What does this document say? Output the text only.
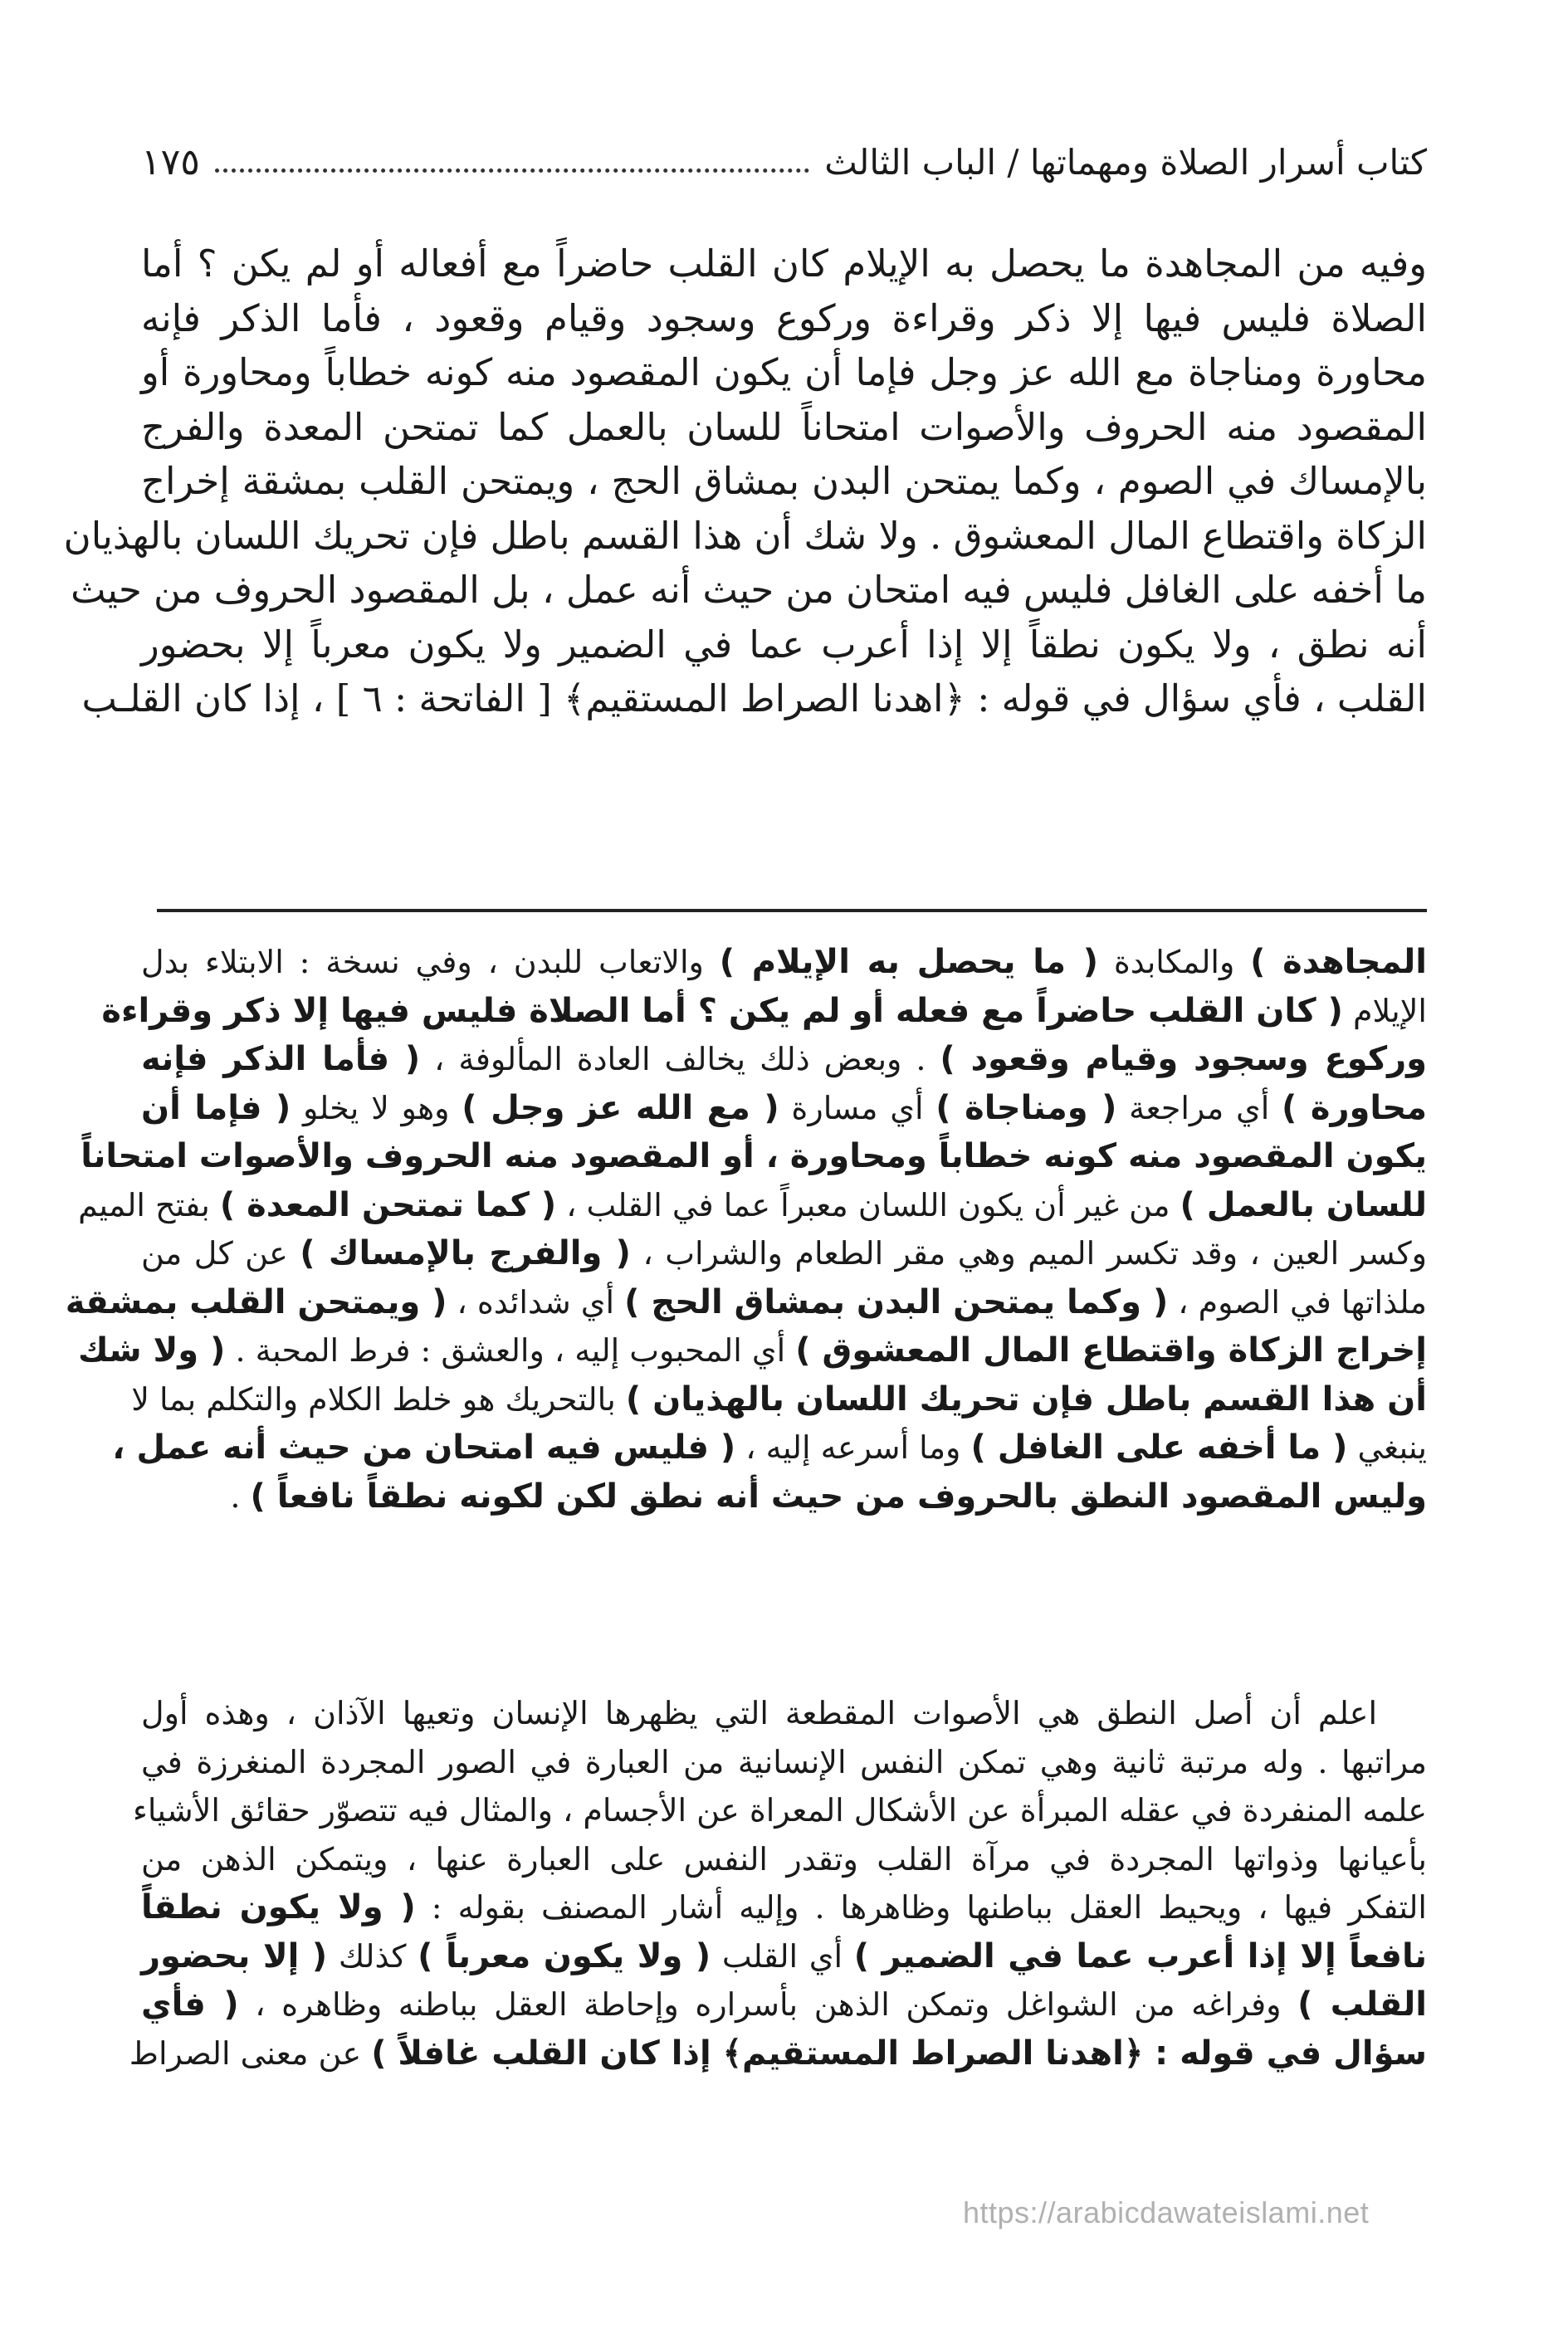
كتاب أسرار الصلاة ومهماتها / الباب الثالث
١٧٥
وفيه من المجاهدة ما يحصل به الإيلام كان القلب حاضراً مع أفعاله أو لم يكن ؟ أما
الصلاة فليس فيها إلا ذكر وقراءة وركوع وسجود وقيام وقعود ، فأما الذكر فإنه
محاورة ومناجاة مع الله عز وجل فإما أن يكون المقصود منه كونه خطاباً ومحاورة أو
المقصود منه الحروف والأصوات امتحاناً للسان بالعمل كما تمتحن المعدة والفرج
بالإمساك في الصوم ، وكما يمتحن البدن بمشاق الحج ، ويمتحن القلب بمشقة إخراج
الزكاة واقتطاع المال المعشوق . ولا شك أن هذا القسم باطل فإن تحريك اللسان بالهذيان
ما أخفه على الغافل فليس فيه امتحان من حيث أنه عمل ، بل المقصود الحروف من حيث
أنه نطق ، ولا يكون نطقاً إلا إذا أعرب عما في الضمير ولا يكون معرباً إلا بحضور
القلب ، فأي سؤال في قوله : ﴿اهدنا الصراط المستقيم﴾ [ الفاتحة : ٦ ] ، إذا كان القلـب
المجاهدة ) والمكابدة ( ما يحصل به الإيلام ) والاتعاب للبدن ، وفي نسخة : الابتلاء بدل
الإيلام ( كان القلب حاضراً مع فعله أو لم يكن ؟ أما الصلاة فليس فيها إلا ذكر وقراءة
وركوع وسجود وقيام وقعود ) . وبعض ذلك يخالف العادة المألوفة ، ( فأما الذكر فإنه
محاورة ) أي مراجعة ( ومناجاة ) أي مسارة ( مع الله عز وجل ) وهو لا يخلو ( فإما أن
يكون المقصود منه كونه خطاباً ومحاورة ، أو المقصود منه الحروف والأصوات امتحاناً
للسان بالعمل ) من غير أن يكون اللسان معبراً عما في القلب ، ( كما تمتحن المعدة ) بفتح الميم
وكسر العين ، وقد تكسر الميم وهي مقر الطعام والشراب ، ( والفرج بالإمساك ) عن كل من
ملذاتها في الصوم ، ( وكما يمتحن البدن بمشاق الحج ) أي شدائده ، ( ويمتحن القلب بمشقة
إخراج الزكاة واقتطاع المال المعشوق ) أي المحبوب إليه ، والعشق : فرط المحبة . ( ولا شك
أن هذا القسم باطل فإن تحريك اللسان بالهذيان ) بالتحريك هو خلط الكلام والتكلم بما لا
ينبغي ( ما أخفه على الغافل ) وما أسرعه إليه ، ( فليس فيه امتحان من حيث أنه عمل ،
وليس المقصود النطق بالحروف من حيث أنه نطق لكن لكونه نطقاً نافعاً ) .
اعلم أن أصل النطق هي الأصوات المقطعة التي يظهرها الإنسان وتعيها الآذان ، وهذه أول
مراتبها . وله مرتبة ثانية وهي تمكن النفس الإنسانية من العبارة في الصور المجردة المنغرزة في
علمه المنفردة في عقله المبرأة عن الأشكال المعراة عن الأجسام ، والمثال فيه تتصوّر حقائق الأشياء
بأعيانها وذواتها المجردة في مرآة القلب وتقدر النفس على العبارة عنها ، ويتمكن الذهن من
التفكر فيها ، ويحيط العقل بباطنها وظاهرها . وإليه أشار المصنف بقوله : ( ولا يكون نطقاً
نافعاً إلا إذا أعرب عما في الضمير ) أي القلب ( ولا يكون معرباً ) كذلك ( إلا بحضور
القلب ) وفراغه من الشواغل وتمكن الذهن بأسراره وإحاطة العقل بباطنه وظاهره ، ( فأي
سؤال في قوله : ﴿اهدنا الصراط المستقيم﴾ إذا كان القلب غافلاً ) عن معنى الصراط
https://arabicdawateislami.net
